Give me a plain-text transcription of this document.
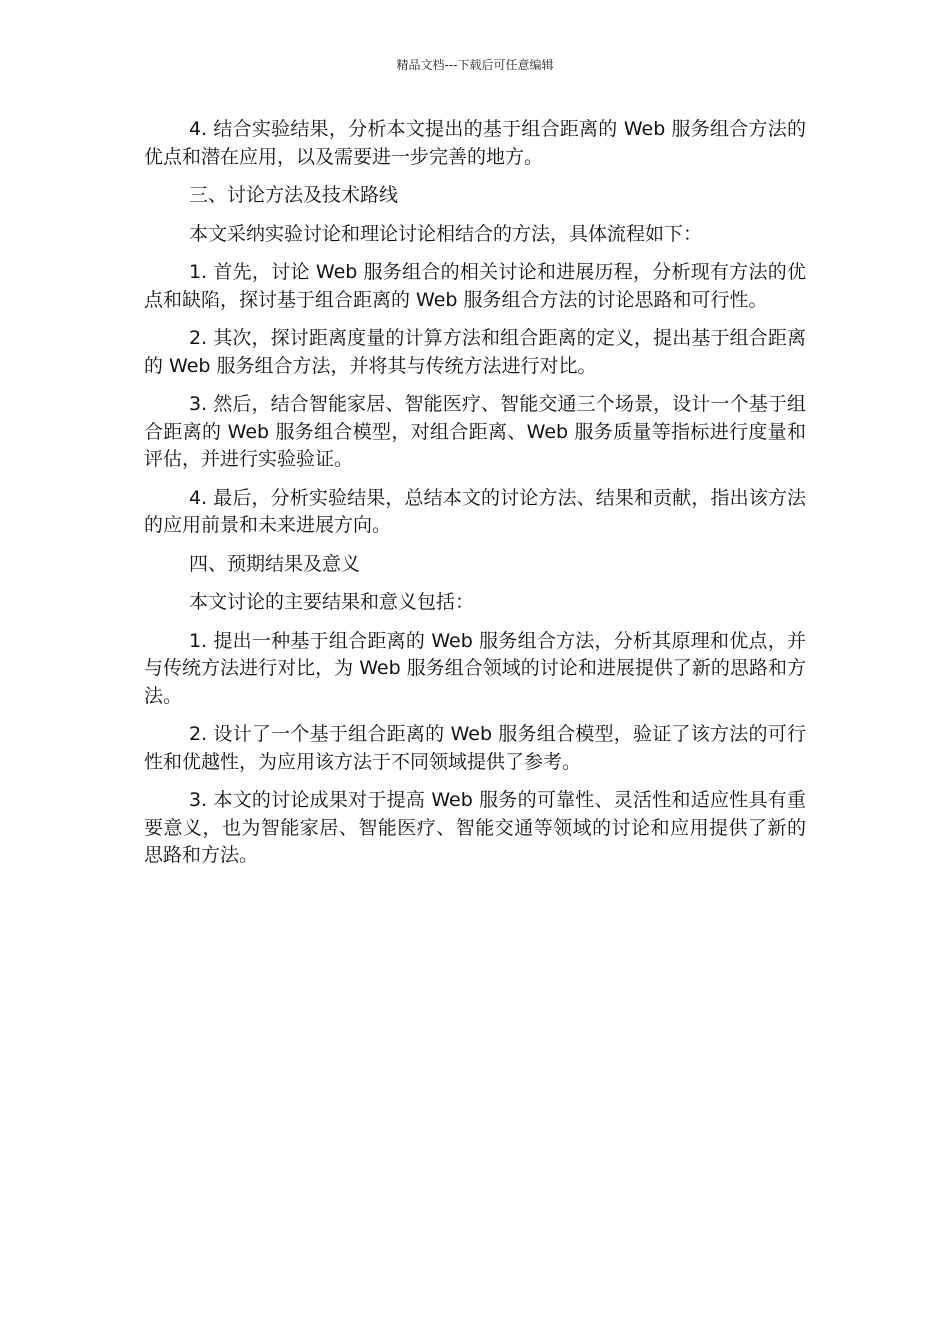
精品文档---下载后可任意编辑

4. 结合实验结果，分析本文提出的基于组合距离的 Web 服务组合方法的优点和潜在应用，以及需要进一步完善的地方。

三、讨论方法及技术路线

本文采纳实验讨论和理论讨论相结合的方法，具体流程如下：

1. 首先，讨论 Web 服务组合的相关讨论和进展历程，分析现有方法的优点和缺陷，探讨基于组合距离的 Web 服务组合方法的讨论思路和可行性。

2. 其次，探讨距离度量的计算方法和组合距离的定义，提出基于组合距离的 Web 服务组合方法，并将其与传统方法进行对比。

3. 然后，结合智能家居、智能医疗、智能交通三个场景，设计一个基于组合距离的 Web 服务组合模型，对组合距离、Web 服务质量等指标进行度量和评估，并进行实验验证。

4. 最后，分析实验结果，总结本文的讨论方法、结果和贡献，指出该方法的应用前景和未来进展方向。

四、预期结果及意义

本文讨论的主要结果和意义包括：

1. 提出一种基于组合距离的 Web 服务组合方法，分析其原理和优点，并与传统方法进行对比，为 Web 服务组合领域的讨论和进展提供了新的思路和方法。

2. 设计了一个基于组合距离的 Web 服务组合模型，验证了该方法的可行性和优越性，为应用该方法于不同领域提供了参考。

3. 本文的讨论成果对于提高 Web 服务的可靠性、灵活性和适应性具有重要意义，也为智能家居、智能医疗、智能交通等领域的讨论和应用提供了新的思路和方法。
